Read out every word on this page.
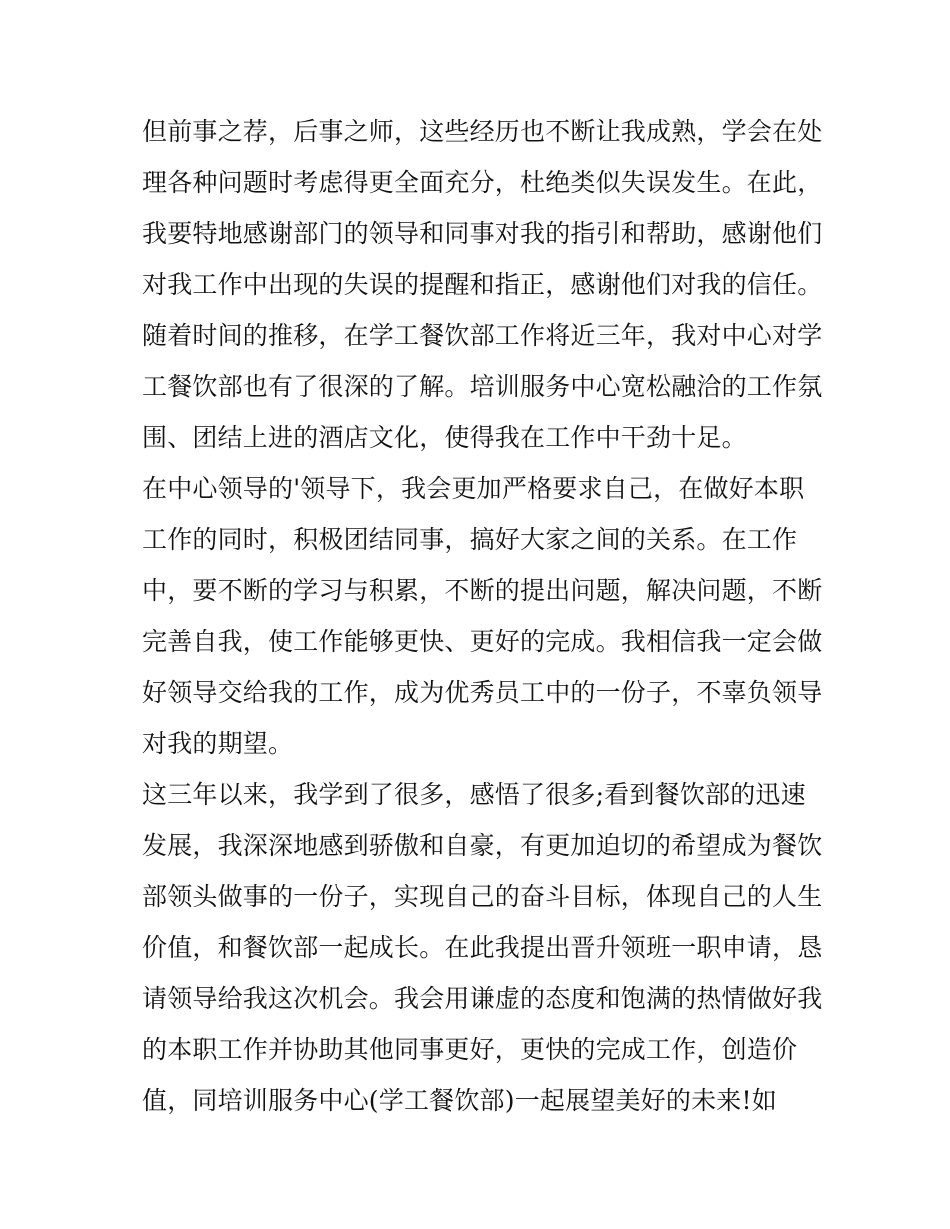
但前事之荐，后事之师，这些经历也不断让我成熟，学会在处
理各种问题时考虑得更全面充分，杜绝类似失误发生。在此，
我要特地感谢部门的领导和同事对我的指引和帮助，感谢他们
对我工作中出现的失误的提醒和指正，感谢他们对我的信任。
随着时间的推移，在学工餐饮部工作将近三年，我对中心对学
工餐饮部也有了很深的了解。培训服务中心宽松融洽的工作氛
围、团结上进的酒店文化，使得我在工作中干劲十足。
在中心领导的'领导下，我会更加严格要求自己，在做好本职
工作的同时，积极团结同事，搞好大家之间的关系。在工作
中，要不断的学习与积累，不断的提出问题，解决问题，不断
完善自我，使工作能够更快、更好的完成。我相信我一定会做
好领导交给我的工作，成为优秀员工中的一份子，不辜负领导
对我的期望。
这三年以来，我学到了很多，感悟了很多;看到餐饮部的迅速
发展，我深深地感到骄傲和自豪，有更加迫切的希望成为餐饮
部领头做事的一份子，实现自己的奋斗目标，体现自己的人生
价值，和餐饮部一起成长。在此我提出晋升领班一职申请，恳
请领导给我这次机会。我会用谦虚的态度和饱满的热情做好我
的本职工作并协助其他同事更好，更快的完成工作，创造价
值，同培训服务中心(学工餐饮部)一起展望美好的未来!如
